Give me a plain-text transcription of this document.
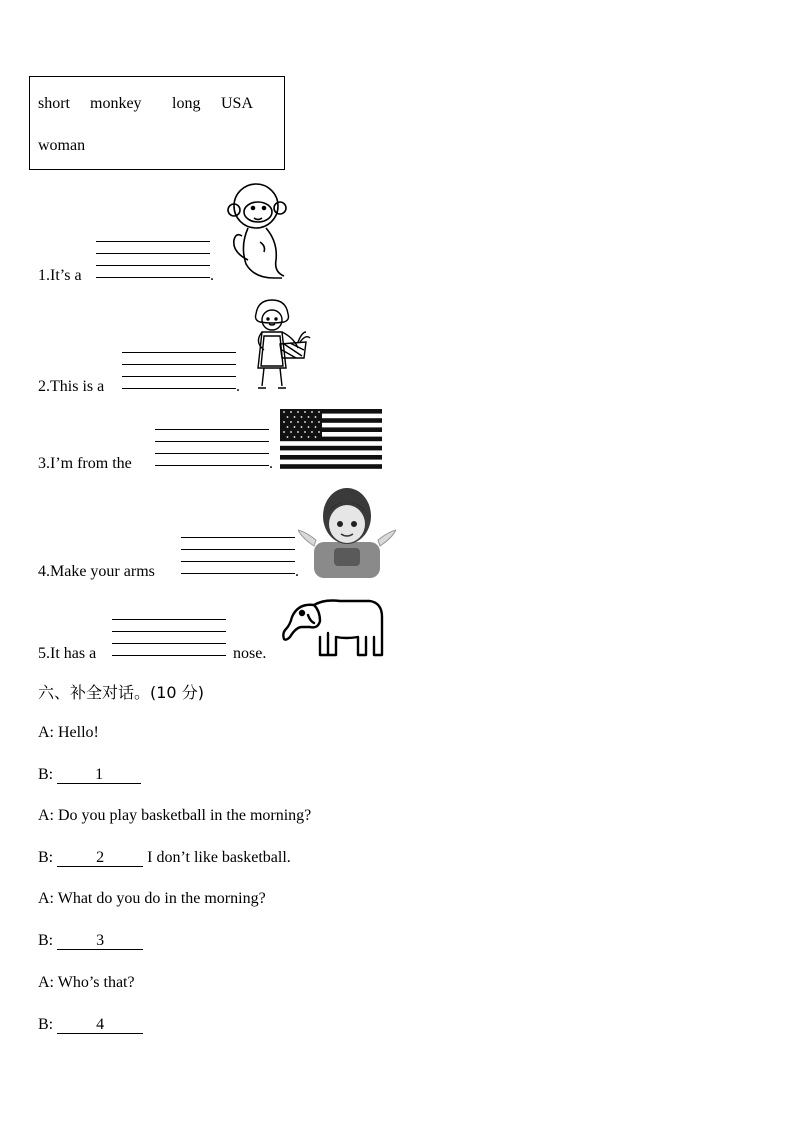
short monkey long USA
woman
1.It’s a	.
2.This is a	.
3.I’m from the	.
4.Make your arms	.
5.It has a	nose.
六、补全对话。(10 分)
A: Hello!
B:	1
A: Do you play basketball in the morning?
B:	2 I don’t like basketball.
A: What do you do in the morning?
B:	3
A: Who’s that?
B:	4
